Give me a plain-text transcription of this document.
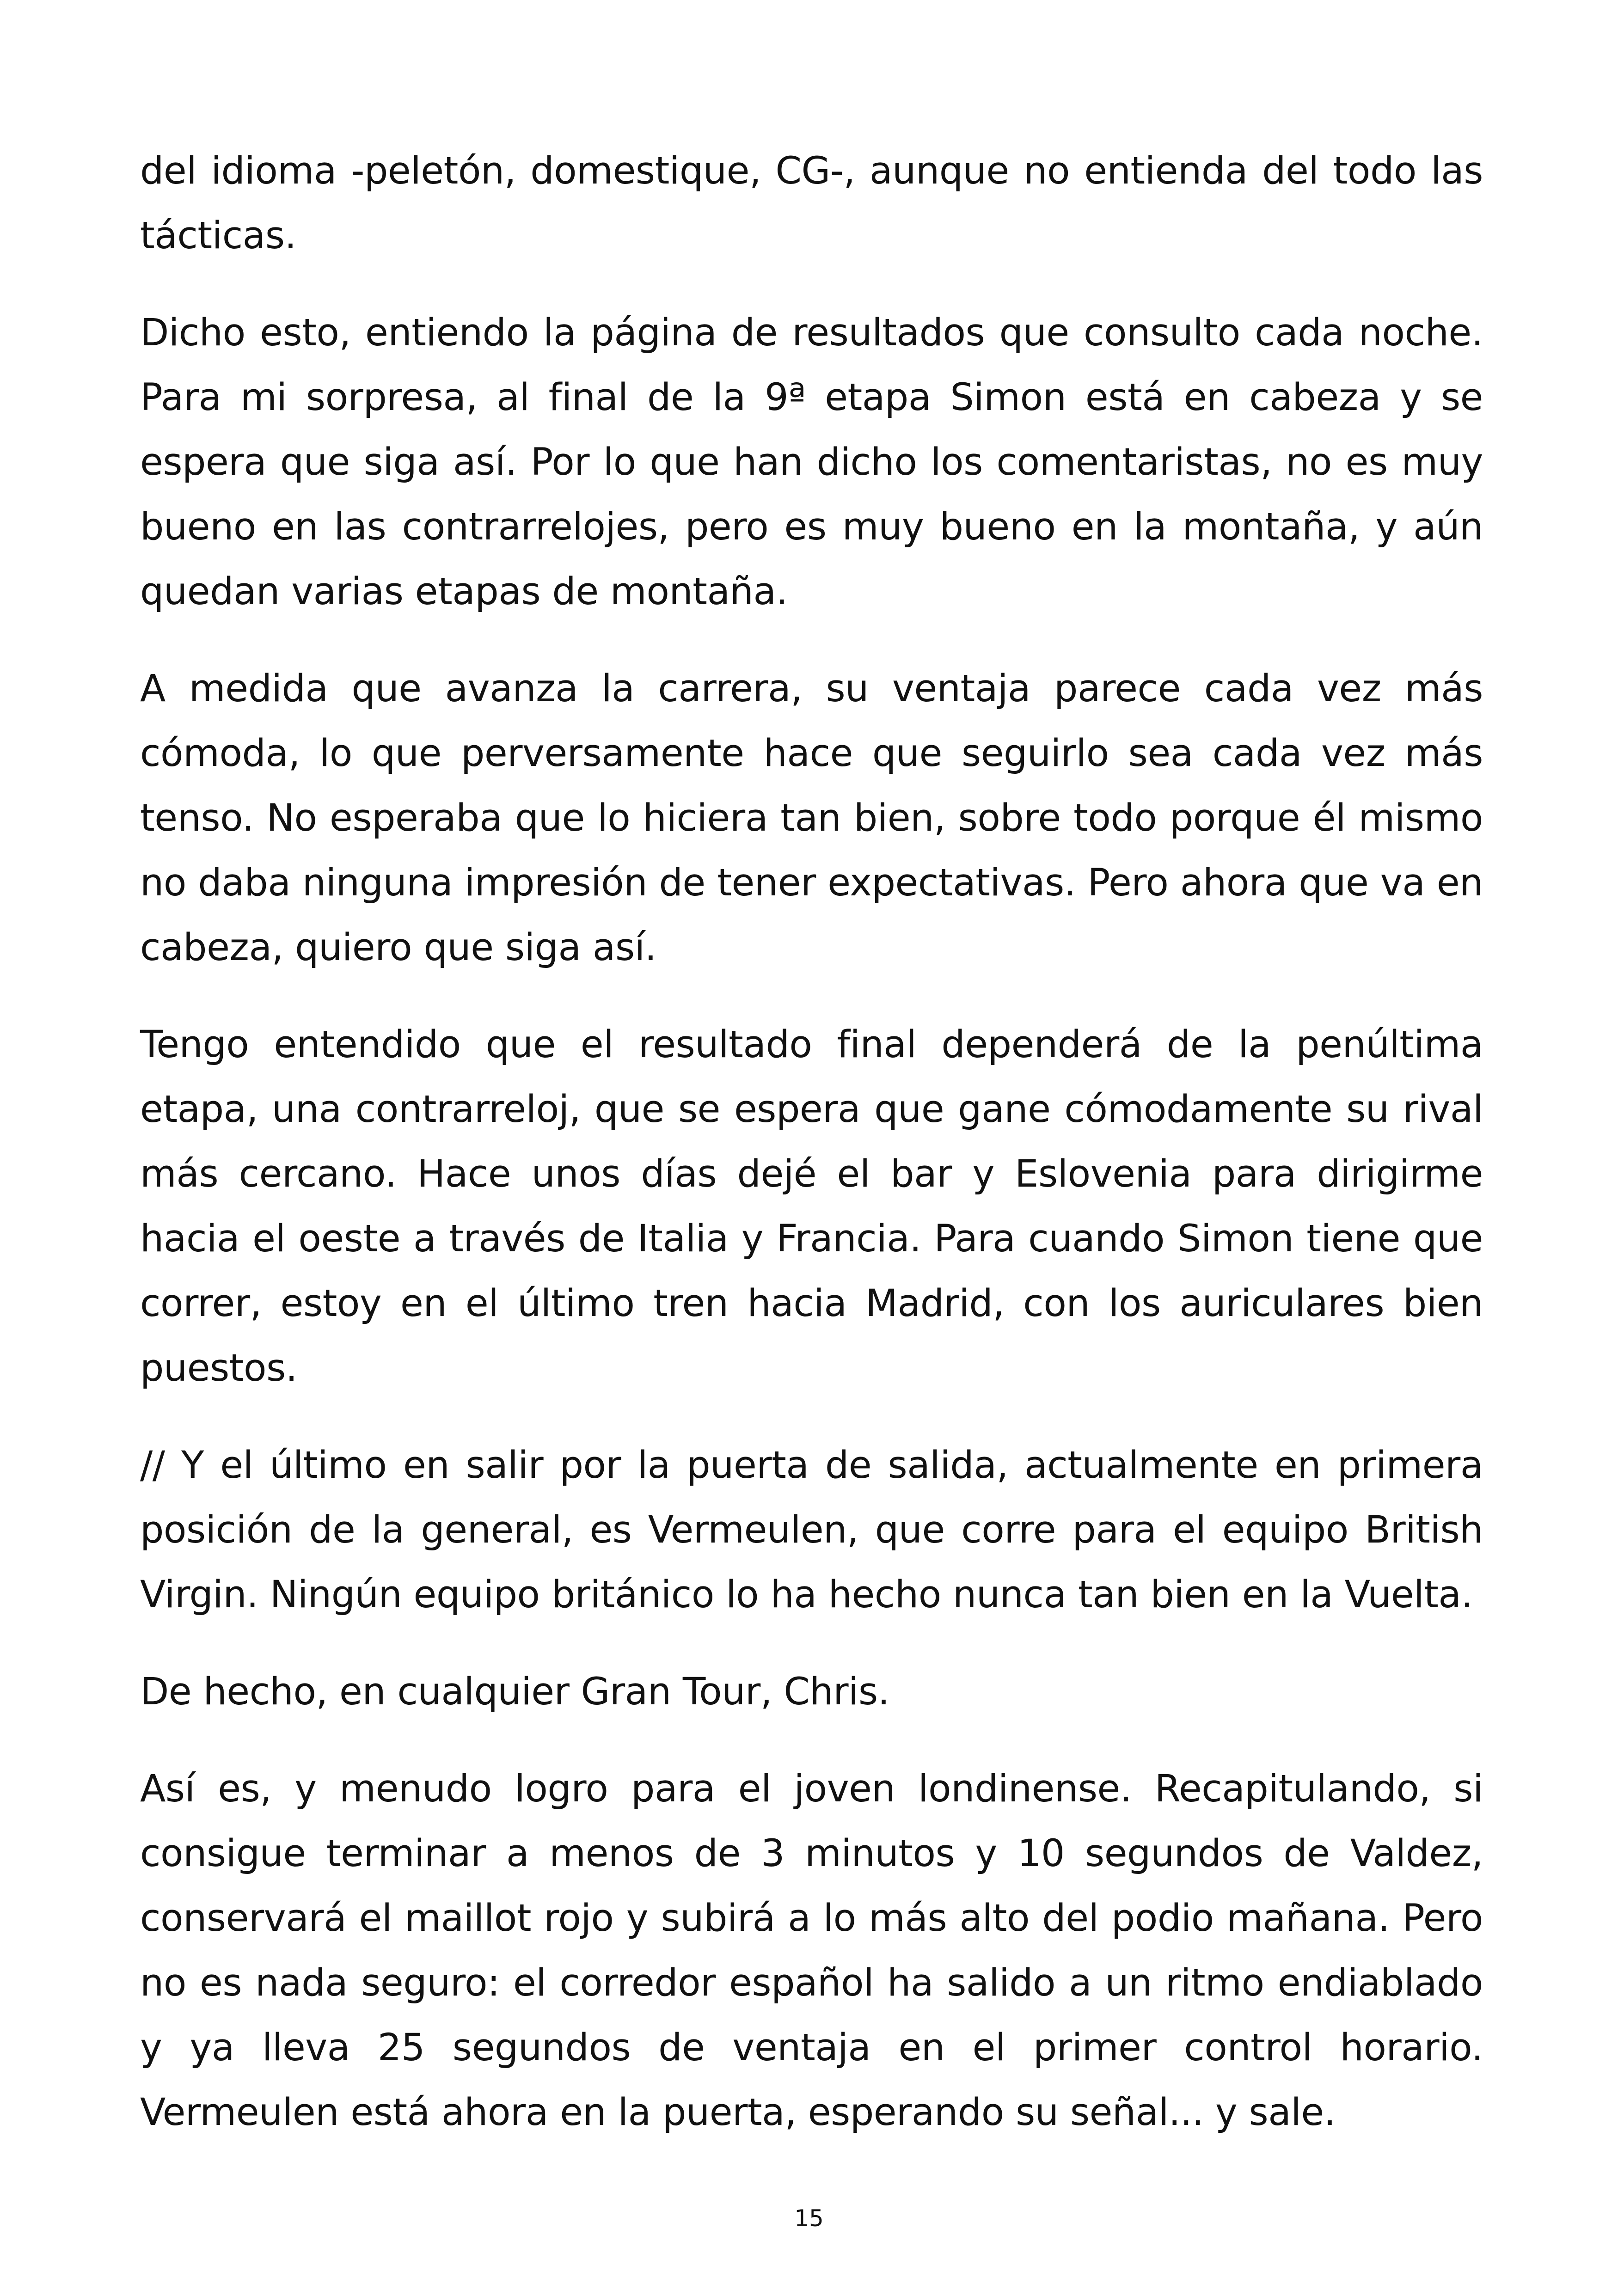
del idioma -peletón, domestique, CG-, aunque no entienda del todo las tácticas.

Dicho esto, entiendo la página de resultados que consulto cada noche. Para mi sorpresa, al final de la 9ª etapa Simon está en cabeza y se espera que siga así. Por lo que han dicho los comentaristas, no es muy bueno en las contrarrelojes, pero es muy bueno en la montaña, y aún quedan varias etapas de montaña.

A medida que avanza la carrera, su ventaja parece cada vez más cómoda, lo que perversamente hace que seguirlo sea cada vez más tenso. No esperaba que lo hiciera tan bien, sobre todo porque él mismo no daba ninguna impresión de tener expectativas. Pero ahora que va en cabeza, quiero que siga así.

Tengo entendido que el resultado final dependerá de la penúltima etapa, una contrarreloj, que se espera que gane cómodamente su rival más cercano. Hace unos días dejé el bar y Eslovenia para dirigirme hacia el oeste a través de Italia y Francia. Para cuando Simon tiene que correr, estoy en el último tren hacia Madrid, con los auriculares bien puestos.

// Y el último en salir por la puerta de salida, actualmente en primera posición de la general, es Vermeulen, que corre para el equipo British Virgin. Ningún equipo británico lo ha hecho nunca tan bien en la Vuelta.

De hecho, en cualquier Gran Tour, Chris.

Así es, y menudo logro para el joven londinense. Recapitulando, si consigue terminar a menos de 3 minutos y 10 segundos de Valdez, conservará el maillot rojo y subirá a lo más alto del podio mañana. Pero no es nada seguro: el corredor español ha salido a un ritmo endiablado y ya lleva 25 segundos de ventaja en el primer control horario. Vermeulen está ahora en la puerta, esperando su señal... y sale.

15
